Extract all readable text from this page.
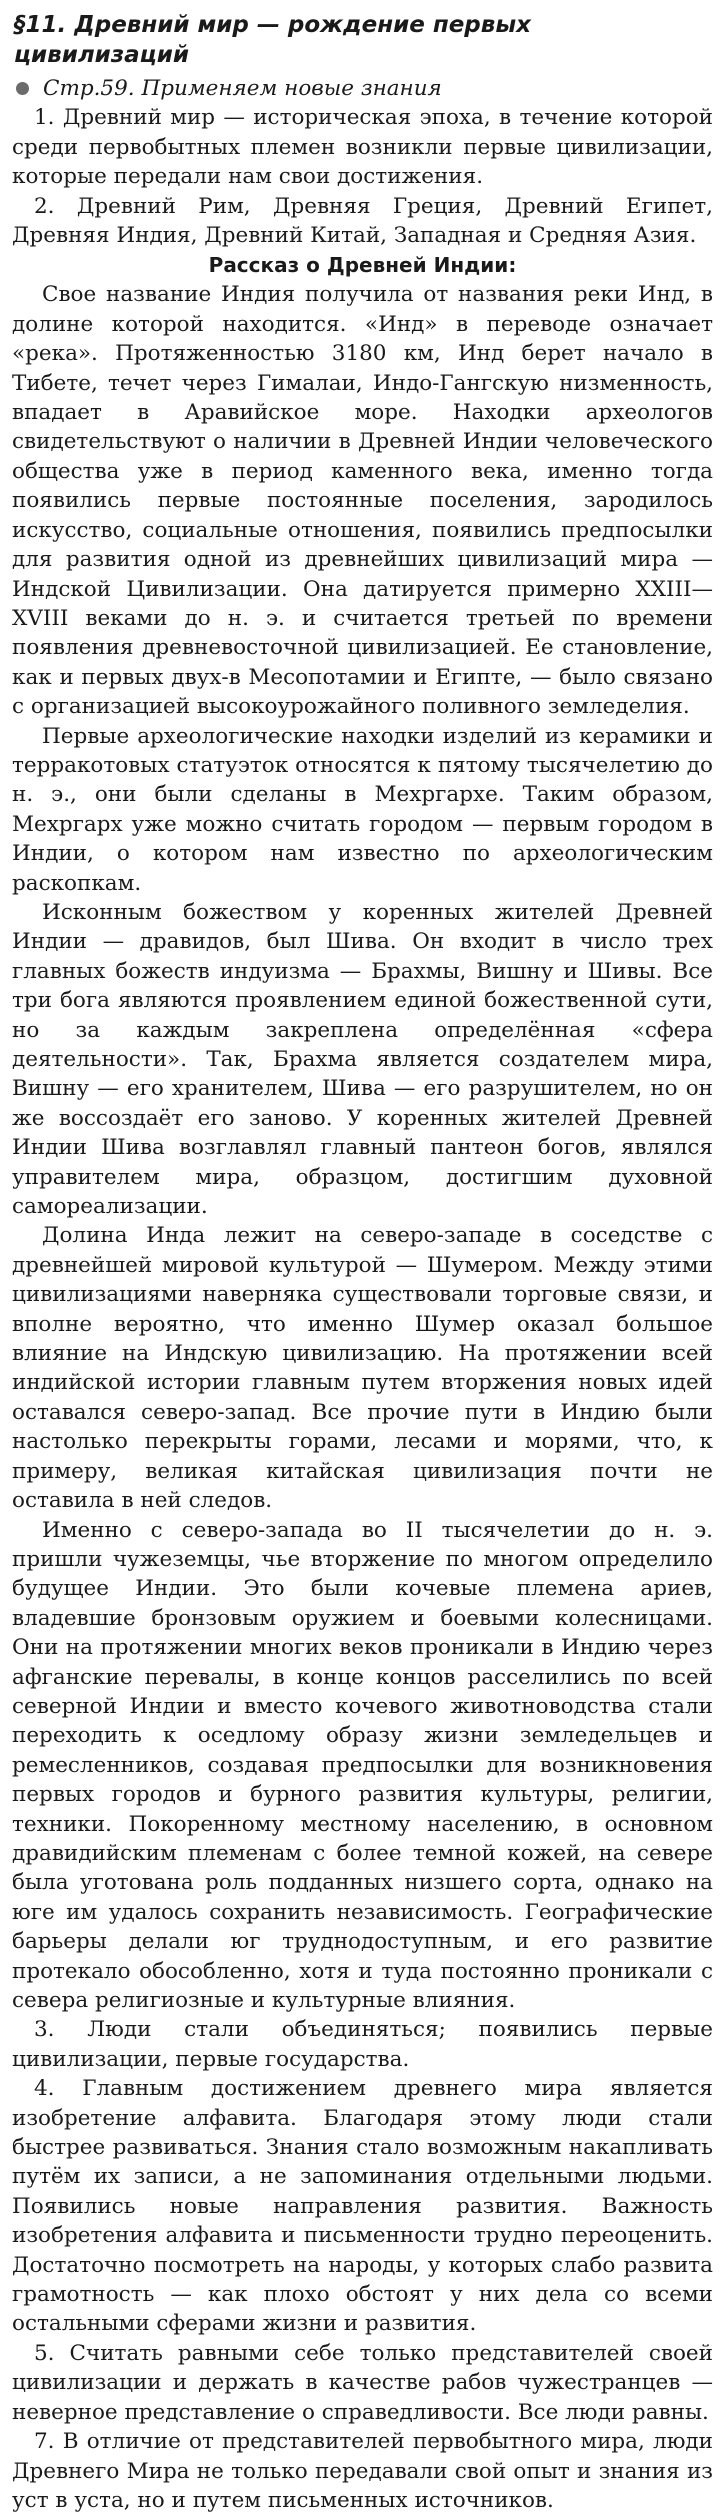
§11. Древний мир — рождение первых цивилизаций
Стр.59. Применяем новые знания

1. Древний мир — историческая эпоха, в течение которой среди первобытных племен возникли первые цивилизации, которые передали нам свои достижения.

2. Древний Рим, Древняя Греция, Древний Египет, Древняя Индия, Древний Китай, Западная и Средняя Азия.

Рассказ о Древней Индии:

Свое название Индия получила от названия реки Инд, в долине которой находится. «Инд» в переводе означает «река». Протяженностью 3180 км, Инд берет начало в Тибете, течет через Гималаи, Индо-Гангскую низменность, впадает в Аравийское море. Находки археологов свидетельствуют о наличии в Древней Индии человеческого общества уже в период каменного века, именно тогда появились первые постоянные поселения, зародилось искусство, социальные отношения, появились предпосылки для развития одной из древнейших цивилизаций мира — Индской Цивилизации. Она датируется примерно XXIII—XVIII веками до н. э. и считается третьей по времени появления древневосточной цивилизацией. Ее становление, как и первых двух-в Месопотамии и Египте, — было связано с организацией высокоурожайного поливного земледелия.

Первые археологические находки изделий из керамики и терракотовых статуэток относятся к пятому тысячелетию до н. э., они были сделаны в Мехргархе. Таким образом, Мехргарх уже можно считать городом — первым городом в Индии, о котором нам известно по археологическим раскопкам.

Исконным божеством у коренных жителей Древней Индии — дравидов, был Шива. Он входит в число трех главных божеств индуизма — Брахмы, Вишну и Шивы. Все три бога являются проявлением единой божественной сути, но за каждым закреплена определённая «сфера деятельности». Так, Брахма является создателем мира, Вишну — его хранителем, Шива — его разрушителем, но он же воссоздаёт его заново. У коренных жителей Древней Индии Шива возглавлял главный пантеон богов, являлся управителем мира, образцом, достигшим духовной самореализации.

Долина Инда лежит на северо-западе в соседстве с древнейшей мировой культурой — Шумером. Между этими цивилизациями наверняка существовали торговые связи, и вполне вероятно, что именно Шумер оказал большое влияние на Индскую цивилизацию. На протяжении всей индийской истории главным путем вторжения новых идей оставался северо-запад. Все прочие пути в Индию были настолько перекрыты горами, лесами и морями, что, к примеру, великая китайская цивилизация почти не оставила в ней следов.

Именно с северо-запада во II тысячелетии до н. э. пришли чужеземцы, чье вторжение по многом определило будущее Индии. Это были кочевые племена ариев, владевшие бронзовым оружием и боевыми колесницами. Они на протяжении многих веков проникали в Индию через афганские перевалы, в конце концов расселились по всей северной Индии и вместо кочевого животноводства стали переходить к оседлому образу жизни земледельцев и ремесленников, создавая предпосылки для возникновения первых городов и бурного развития культуры, религии, техники. Покоренному местному населению, в основном дравидийским племенам с более темной кожей, на севере была уготована роль подданных низшего сорта, однако на юге им удалось сохранить независимость. Географические барьеры делали юг труднодоступным, и его развитие протекало обособленно, хотя и туда постоянно проникали с севера религиозные и культурные влияния.

3. Люди стали объединяться; появились первые цивилизации, первые государства.

4. Главным достижением древнего мира является изобретение алфавита. Благодаря этому люди стали быстрее развиваться. Знания стало возможным накапливать путём их записи, а не запоминания отдельными людьми. Появились новые направления развития. Важность изобретения алфавита и письменности трудно переоценить. Достаточно посмотреть на народы, у которых слабо развита грамотность — как плохо обстоят у них дела со всеми остальными сферами жизни и развития.

5. Считать равными себе только представителей своей цивилизации и держать в качестве рабов чужестранцев — неверное представление о справедливости. Все люди равны.

7. В отличие от представителей первобытного мира, люди Древнего Мира не только передавали свой опыт и знания из уст в уста, но и путем письменных источников.
